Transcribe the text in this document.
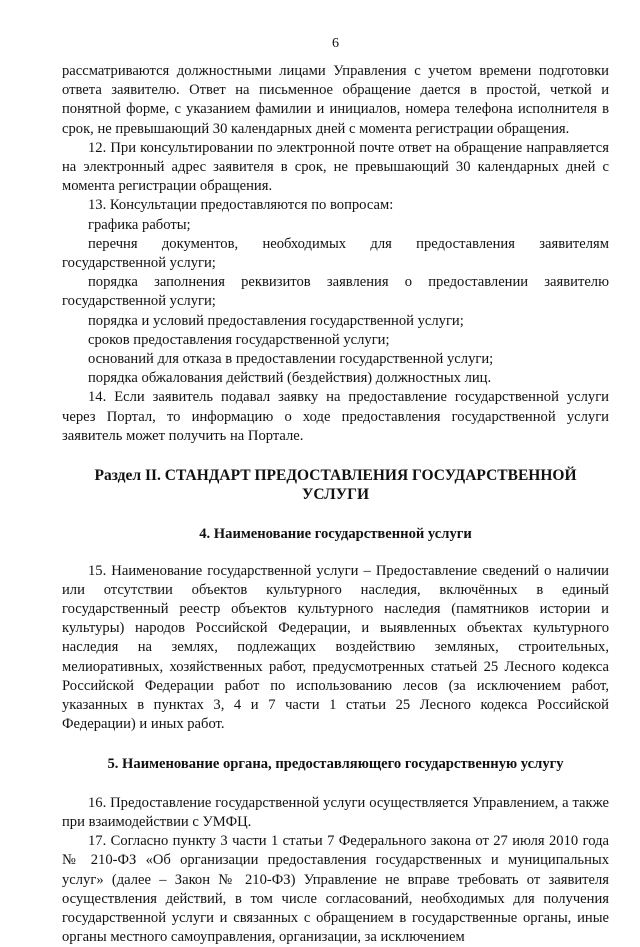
6

рассматриваются должностными лицами Управления с учетом времени подготовки ответа заявителю. Ответ на письменное обращение дается в простой, четкой и понятной форме, с указанием фамилии и инициалов, номера телефона исполнителя в срок, не превышающий 30 календарных дней с момента регистрации обращения.

12. При консультировании по электронной почте ответ на обращение направляется на электронный адрес заявителя в срок, не превышающий 30 календарных дней с момента регистрации обращения.

13. Консультации предоставляются по вопросам:

графика работы;

перечня документов, необходимых для предоставления заявителям государственной услуги;

порядка заполнения реквизитов заявления о предоставлении заявителю государственной услуги;

порядка и условий предоставления государственной услуги;

сроков предоставления государственной услуги;

оснований для отказа в предоставлении государственной услуги;

порядка обжалования действий (бездействия) должностных лиц.

14. Если заявитель подавал заявку на предоставление государственной услуги через Портал, то информацию о ходе предоставления государственной услуги заявитель может получить на Портале.

Раздел II. СТАНДАРТ ПРЕДОСТАВЛЕНИЯ ГОСУДАРСТВЕННОЙ УСЛУГИ
4. Наименование государственной услуги

15. Наименование государственной услуги – Предоставление сведений о наличии или отсутствии объектов культурного наследия, включённых в единый государственный реестр объектов культурного наследия (памятников истории и культуры) народов Российской Федерации, и выявленных объектах культурного наследия на землях, подлежащих воздействию земляных, строительных, мелиоративных, хозяйственных работ, предусмотренных статьей 25 Лесного кодекса Российской Федерации работ по использованию лесов (за исключением работ, указанных в пунктах 3, 4 и 7 части 1 статьи 25 Лесного кодекса Российской Федерации) и иных работ.

5. Наименование органа, предоставляющего государственную услугу

16. Предоставление государственной услуги осуществляется Управлением, а также при взаимодействии с УМФЦ.

17. Согласно пункту 3 части 1 статьи 7 Федерального закона от 27 июля 2010 года № 210-ФЗ «Об организации предоставления государственных и муниципальных услуг» (далее – Закон № 210-ФЗ) Управление не вправе требовать от заявителя осуществления действий, в том числе согласований, необходимых для получения государственной услуги и связанных с обращением в государственные органы, иные органы местного самоуправления, организации, за исключением
